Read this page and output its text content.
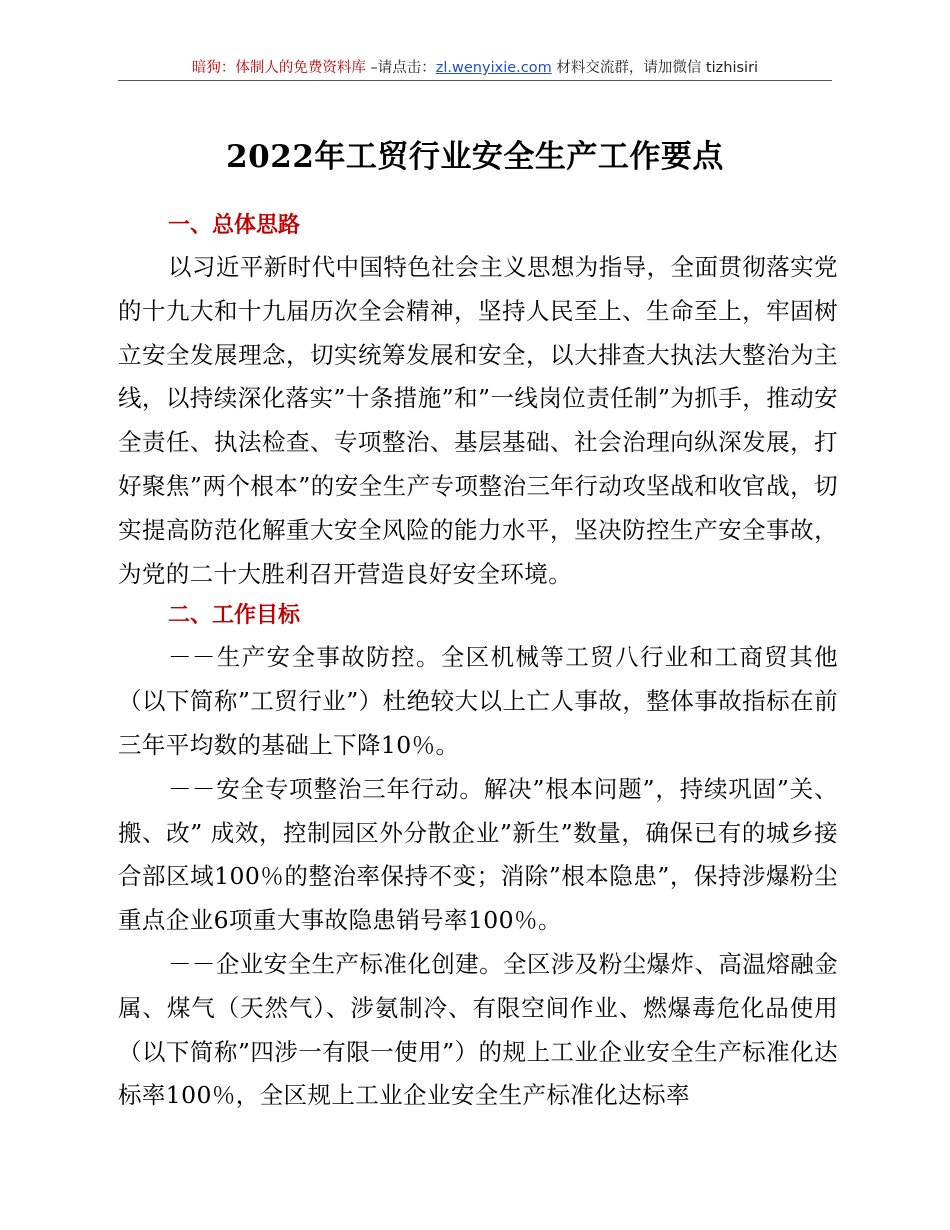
暗狗：体制人的免费资料库 –请点击：zl.wenyixie.com 材料交流群，请加微信 tizhisiri
2022年工贸行业安全生产工作要点
一、总体思路

以习近平新时代中国特色社会主义思想为指导，全面贯彻落实党的十九大和十九届历次全会精神，坚持人民至上、生命至上，牢固树立安全发展理念，切实统筹发展和安全，以大排查大执法大整治为主线，以持续深化落实”十条措施”和”一线岗位责任制”为抓手，推动安全责任、执法检查、专项整治、基层基础、社会治理向纵深发展，打好聚焦”两个根本”的安全生产专项整治三年行动攻坚战和收官战，切实提高防范化解重大安全风险的能力水平，坚决防控生产安全事故，为党的二十大胜利召开营造良好安全环境。

二、工作目标

－－生产安全事故防控。全区机械等工贸八行业和工商贸其他（以下简称”工贸行业”）杜绝较大以上亡人事故，整体事故指标在前三年平均数的基础上下降10％。

－－安全专项整治三年行动。解决”根本问题”，持续巩固”关、搬、改” 成效，控制园区外分散企业”新生”数量，确保已有的城乡接合部区域100％的整治率保持不变；消除”根本隐患”，保持涉爆粉尘重点企业6项重大事故隐患销号率100％。

－－企业安全生产标准化创建。全区涉及粉尘爆炸、高温熔融金属、煤气（天然气）、涉氨制冷、有限空间作业、燃爆毒危化品使用（以下简称”四涉一有限一使用”）的规上工业企业安全生产标准化达标率100％，全区规上工业企业安全生产标准化达标率
